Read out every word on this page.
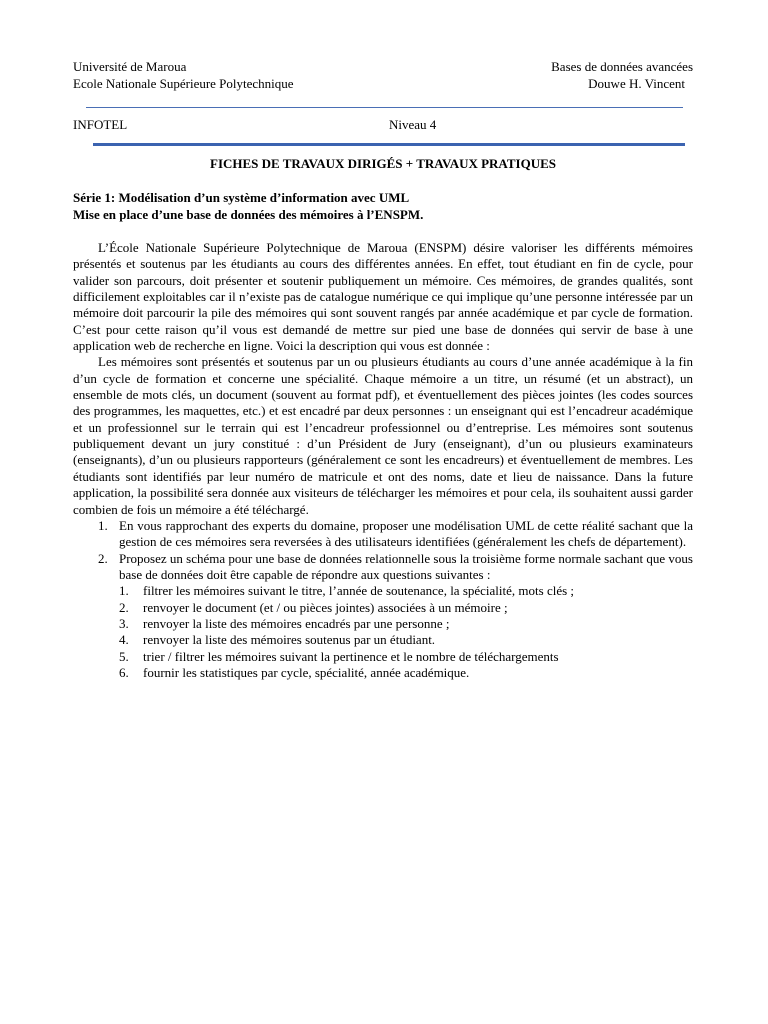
Université de Maroua	Bases de données avancées
Ecole Nationale Supérieure Polytechnique	Douwe H. Vincent
INFOTEL	Niveau 4
FICHES DE TRAVAUX DIRIGÉS + TRAVAUX PRATIQUES
Série 1: Modélisation d’un système d’information avec UML
Mise en place d’une base de données des mémoires à l’ENSPM.

L’École Nationale Supérieure Polytechnique de Maroua (ENSPM) désire valoriser les différents mémoires présentés et soutenus par les étudiants au cours des différentes années. En effet, tout étudiant en fin de cycle, pour valider son parcours, doit présenter et soutenir publiquement un mémoire. Ces mémoires, de grandes qualités, sont difficilement exploitables car il n’existe pas de catalogue numérique ce qui implique qu’une personne intéressée par un mémoire doit parcourir la pile des mémoires qui sont souvent rangés par année académique et par cycle de formation. C’est pour cette raison qu’il vous est demandé de mettre sur pied une base de données qui servir de base à une application web de recherche en ligne. Voici la description qui vous est donnée :

Les mémoires sont présentés et soutenus par un ou plusieurs étudiants au cours d’une année académique à la fin d’un cycle de formation et concerne une spécialité. Chaque mémoire a un titre, un résumé (et un abstract), un ensemble de mots clés, un document (souvent au format pdf), et éventuellement des pièces jointes (les codes sources des programmes, les maquettes, etc.) et est encadré par deux personnes : un enseignant qui est l’encadreur académique et un professionnel sur le terrain qui est l’encadreur professionnel ou d’entreprise. Les mémoires sont soutenus publiquement devant un jury constitué : d’un Président de Jury (enseignant), d’un ou plusieurs examinateurs (enseignants), d’un ou plusieurs rapporteurs (généralement ce sont les encadreurs) et éventuellement de membres. Les étudiants sont identifiés par leur numéro de matricule et ont des noms, date et lieu de naissance. Dans la future application, la possibilité sera donnée aux visiteurs de télécharger les mémoires et pour cela, ils souhaitent aussi garder combien de fois un mémoire a été téléchargé.

1. En vous rapprochant des experts du domaine, proposer une modélisation UML de cette réalité sachant que la gestion de ces mémoires sera reversées à des utilisateurs identifiées (généralement les chefs de département).
2. Proposez un schéma pour une base de données relationnelle sous la troisième forme normale sachant que vous base de données doit être capable de répondre aux questions suivantes :
1. filtrer les mémoires suivant le titre, l’année de soutenance, la spécialité, mots clés ;
2. renvoyer le document (et / ou pièces jointes) associées à un mémoire ;
3. renvoyer la liste des mémoires encadrés par une personne ;
4. renvoyer la liste des mémoires soutenus par un étudiant.
5. trier / filtrer les mémoires suivant la pertinence et le nombre de téléchargements
6. fournir les statistiques par cycle, spécialité, année académique.
